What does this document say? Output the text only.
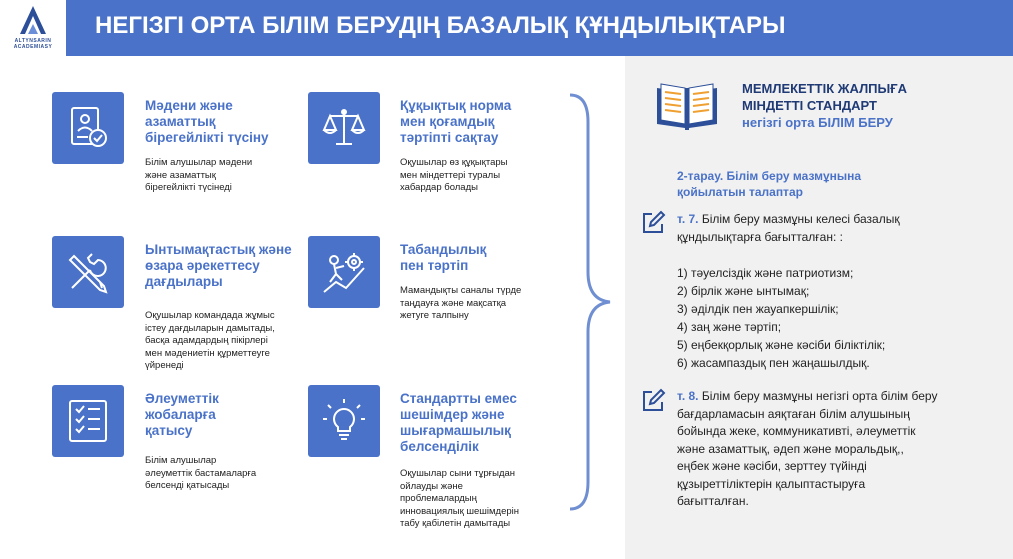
ALTYNSARIN ACADEMIASY
НЕГІЗГІ ОРТА БІЛІМ БЕРУДІҢ БАЗАЛЫҚ ҚҰНДЫЛЫҚТАРЫ
Мәдени және
азаматтық
бірегейлікті түсіну
Білім алушылар мәдени
және азаматтық
бірегейлікті түсінеді
Құқықтық норма
мен қоғамдық
тәртіпті сақтау
Оқушылар өз құқықтары
мен міндеттері туралы
хабардар болады
Ынтымақтастық және
өзара әрекеттесу
дағдылары
Оқушылар командада жұмыс
істеу дағдыларын дамытады,
басқа адамдардың пікірлері
мен мәдениетін құрметтеуге
үйренеді
Табандылық
пен тәртіп
Мамандықты саналы түрде
таңдауға және мақсатқа
жетуге талпыну
Әлеуметтік
жобаларға
қатысу
Білім алушылар
әлеуметтік бастамаларға
белсенді қатысады
Стандартты емес
шешімдер және
шығармашылық
белсенділік
Оқушылар сыни тұрғыдан
ойлауды және
проблемалардың
инновациялық шешімдерін
табу қабілетін дамытады
МЕМЛЕКЕТТІК ЖАЛПЫҒА
МІНДЕТТІ СТАНДАРТ
негізгі орта БІЛІМ БЕРУ
2-тарау. Білім беру мазмұнына
қойылатын талаптар
т. 7. Білім беру мазмұны келесі базалық
құндылықтарға бағытталған: :
1) тәуелсіздік және патриотизм;
2) бірлік және ынтымақ;
3) әділдік пен жауапкершілік;
4) заң және тәртіп;
5) еңбекқорлық және кәсіби біліктілік;
6) жасампаздық пен жаңашылдық.
т. 8. Білім беру мазмұны негізгі орта білім беру
бағдарламасын аяқтаған білім алушының
бойында жеке, коммуникативті, әлеуметтік
және азаматтық, әдеп және моральдық,,
еңбек және кәсіби, зерттеу түйінді
құзыреттіліктерін қалыптастыруға
бағытталған.
